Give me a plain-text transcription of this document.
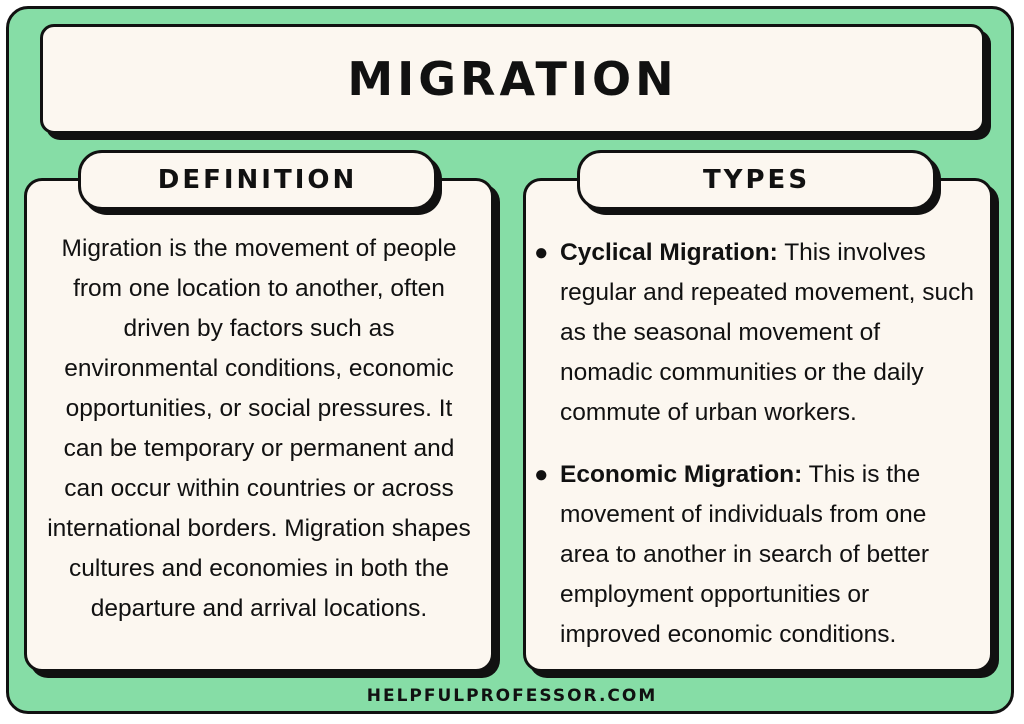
MIGRATION
Migration is the movement of people from one location to another, often driven by factors such as environmental conditions, economic opportunities, or social pressures. It can be temporary or permanent and can occur within countries or across international borders. Migration shapes cultures and economies in both the departure and arrival locations.
DEFINITION
● Cyclical Migration: This involves regular and repeated movement, such as the seasonal movement of nomadic communities or the daily commute of urban workers.
● Economic Migration: This is the movement of individuals from one area to another in search of better employment opportunities or improved economic conditions.
TYPES
HELPFULPROFESSOR.COM
